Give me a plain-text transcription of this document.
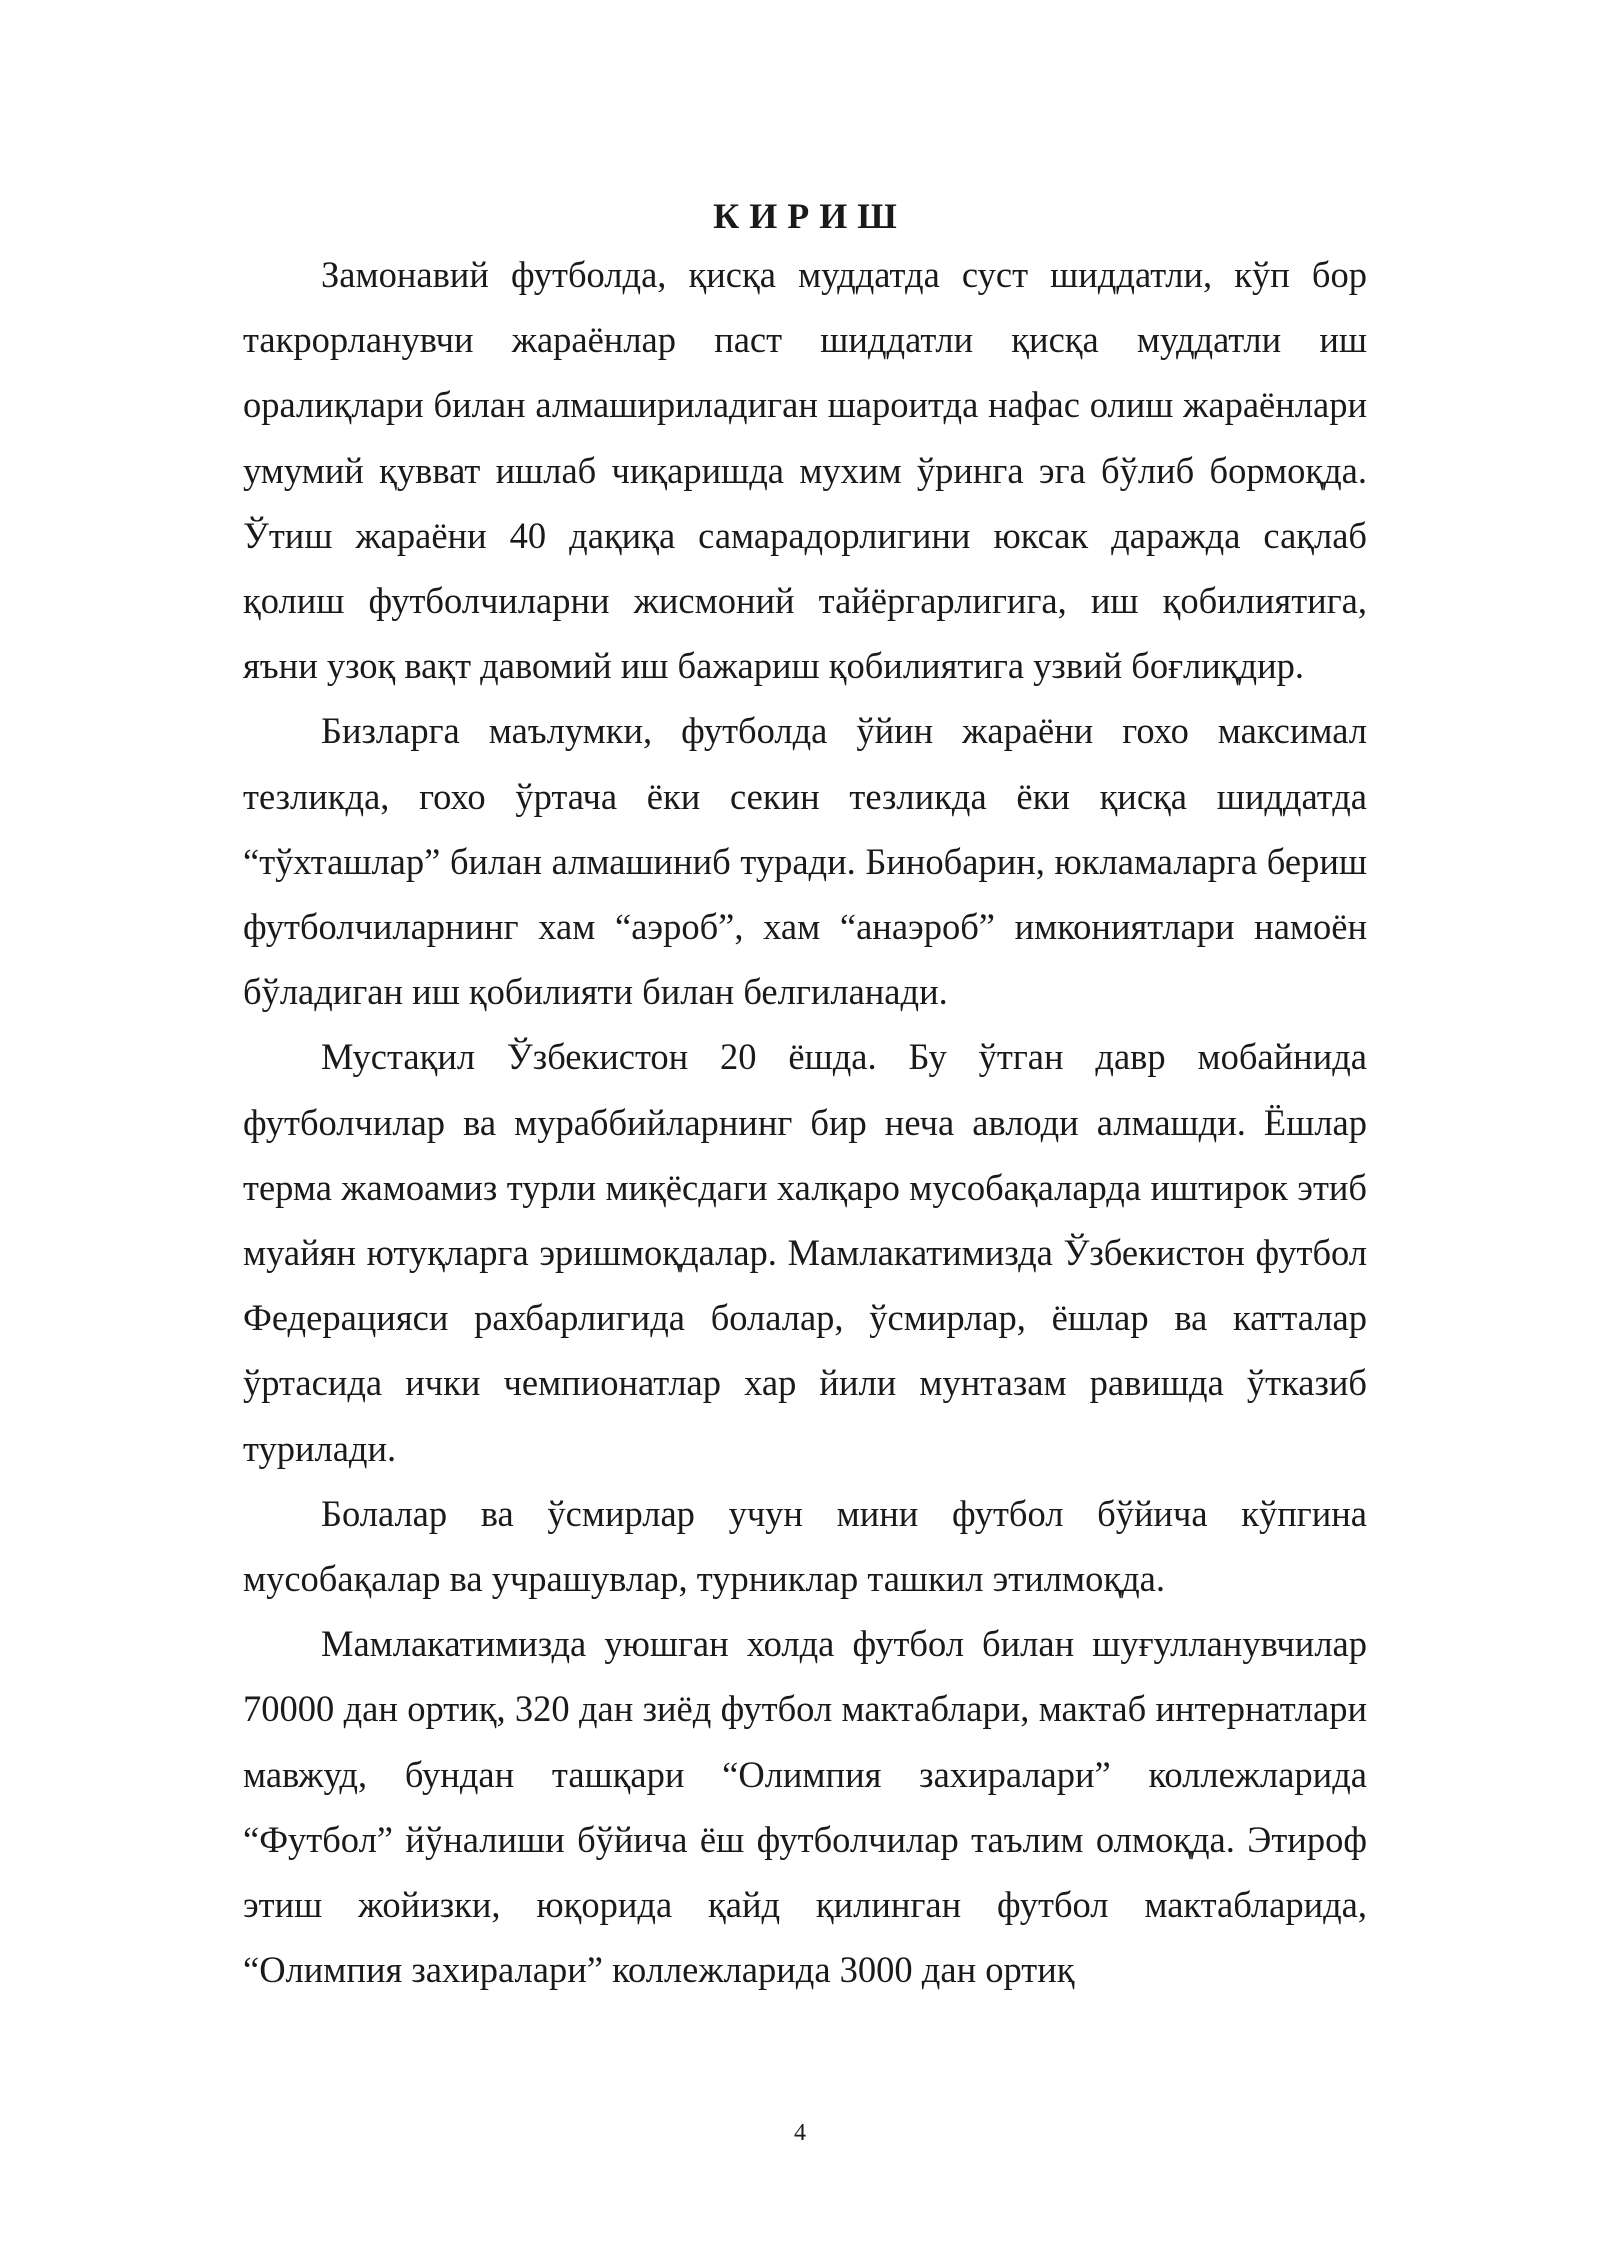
КИРИШ

Замонавий футболда, қисқа муддатда суст шиддатли, кўп бор такрорланувчи жараёнлар паст шиддатли қисқа муддатли иш оралиқлари билан алмашириладиган шароитда нафас олиш жараёнлари умумий қувват ишлаб чиқаришда мухим ўринга эга бўлиб бормоқда. Ўтиш жараёни 40 дақиқа самарадорлигини юксак даражда сақлаб қолиш футболчиларни жисмоний тайёргарлигига, иш қобилиятига, яъни узоқ вақт давомий иш бажариш қобилиятига узвий боғлиқдир.

Бизларга маълумки, футболда ўйин жараёни гохо максимал тезликда, гохо ўртача ёки секин тезликда ёки қисқа шиддатда “тўхташлар” билан алмашиниб туради. Бинобарин, юкламаларга бериш футболчиларнинг хам “аэроб”, хам “анаэроб” имкониятлари намоён бўладиган иш қобилияти билан белгиланади.

Мустақил Ўзбекистон 20 ёшда. Бу ўтган давр мобайнида футболчилар ва мураббийларнинг бир неча авлоди алмашди. Ёшлар терма жамоамиз турли миқёсдаги халқаро мусобақаларда иштирок этиб муайян ютуқларга эришмоқдалар. Мамлакатимизда Ўзбекистон футбол Федерацияси рахбарлигида болалар, ўсмирлар, ёшлар ва катталар ўртасида ички чемпионатлар хар йили мунтазам равишда ўтказиб турилади.

Болалар ва ўсмирлар учун мини футбол бўйича кўпгина мусобақалар ва учрашувлар, турниклар ташкил этилмоқда.

Мамлакатимизда уюшган холда футбол билан шуғулланувчилар 70000 дан ортиқ, 320 дан зиёд футбол мактаблари, мактаб интернатлари мавжуд, бундан ташқари “Олимпия захиралари” коллежларида “Футбол” йўналиши бўйича ёш футболчилар таълим олмоқда. Этироф этиш жойизки, юқорида қайд қилинган футбол мактабларида, “Олимпия захиралари” коллежларида 3000 дан ортиқ

4
